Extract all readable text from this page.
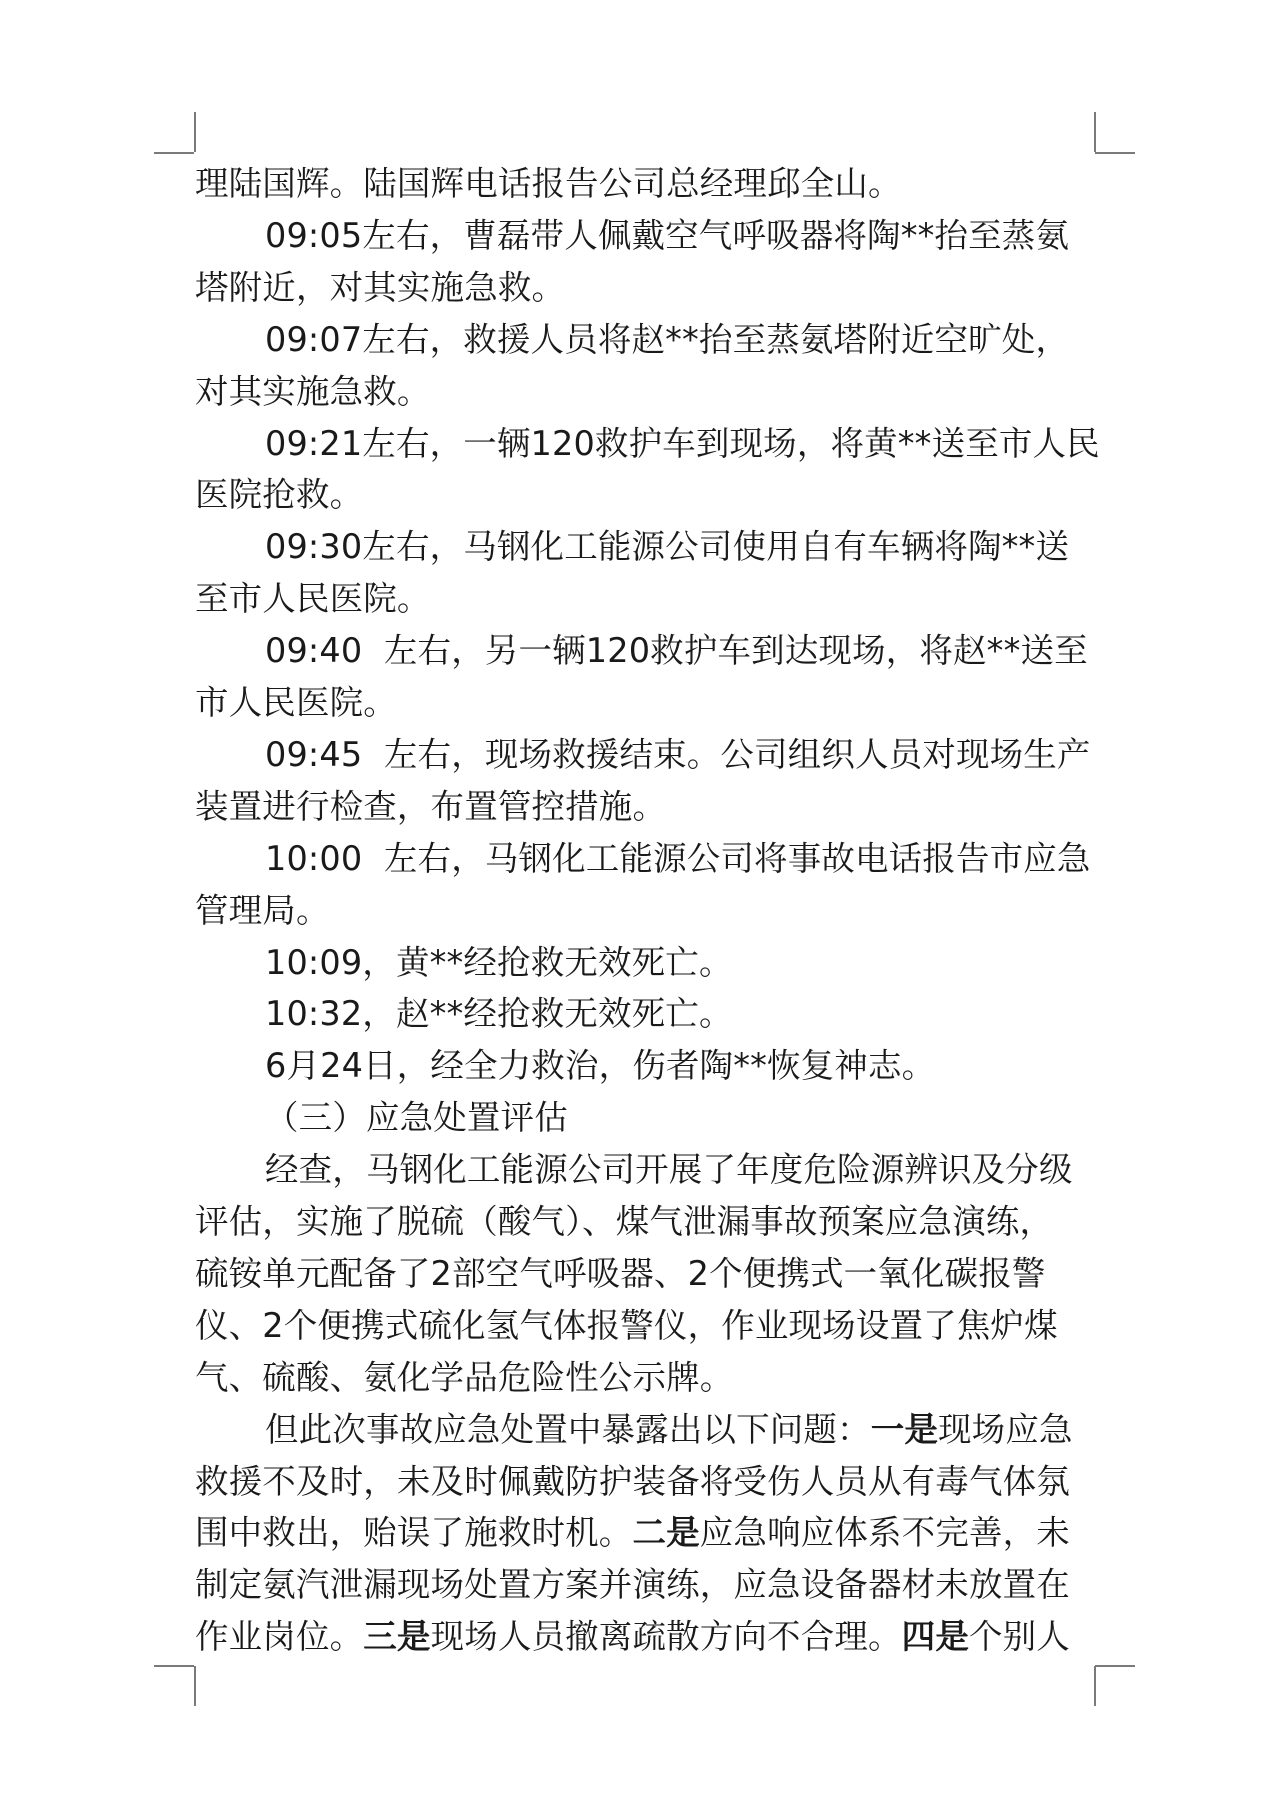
理陆国辉。陆国辉电话报告公司总经理邱全山。
09:05左右，曹磊带人佩戴空气呼吸器将陶**抬至蒸氨
塔附近，对其实施急救。
09:07左右，救援人员将赵**抬至蒸氨塔附近空旷处，
对其实施急救。
09:21左右，一辆120救护车到现场，将黄**送至市人民
医院抢救。
09:30左右，马钢化工能源公司使用自有车辆将陶**送
至市人民医院。
09:40  左右，另一辆120救护车到达现场，将赵**送至
市人民医院。
09:45  左右，现场救援结束。公司组织人员对现场生产
装置进行检查，布置管控措施。
10:00  左右，马钢化工能源公司将事故电话报告市应急
管理局。
10:09，黄**经抢救无效死亡。
10:32，赵**经抢救无效死亡。
6月24日，经全力救治，伤者陶**恢复神志。
（三）应急处置评估
经查，马钢化工能源公司开展了年度危险源辨识及分级
评估，实施了脱硫（酸气）、煤气泄漏事故预案应急演练，
硫铵单元配备了2部空气呼吸器、2个便携式一氧化碳报警
仪、2个便携式硫化氢气体报警仪，作业现场设置了焦炉煤
气、硫酸、氨化学品危险性公示牌。
但此次事故应急处置中暴露出以下问题：一是现场应急
救援不及时，未及时佩戴防护装备将受伤人员从有毒气体氛
围中救出，贻误了施救时机。二是应急响应体系不完善，未
制定氨汽泄漏现场处置方案并演练，应急设备器材未放置在
作业岗位。三是现场人员撤离疏散方向不合理。四是个别人
